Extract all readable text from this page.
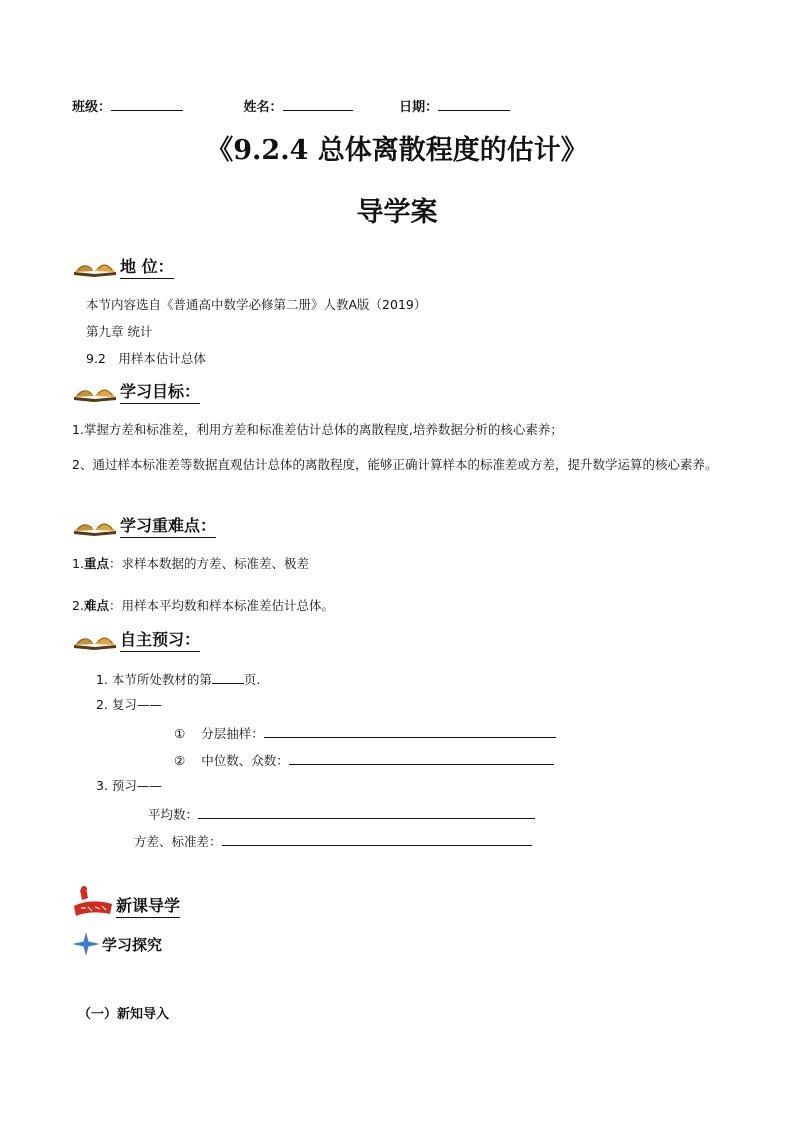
班级：	姓名：	日期：
《9.2.4 总体离散程度的估计》
导学案
地 位：
本节内容选自《普通高中数学必修第二册》人教A版（2019）
第九章 统计
9.2　用样本估计总体
学习目标：
1.掌握方差和标准差，利用方差和标准差估计总体的离散程度,培养数据分析的核心素养；
2、通过样本标准差等数据直观估计总体的离散程度，能够正确计算样本的标准差或方差，提升数学运算的核心素养。
学习重难点：
1.重点：求样本数据的方差、标准差、极差
2.难点：用样本平均数和样本标准差估计总体。
自主预习：
1. 本节所处教材的第	页.
2. 复习——
① 分层抽样：
② 中位数、众数：
3. 预习——
平均数：
方差、标准差：
新课导学
学习探究
（一）新知导入
